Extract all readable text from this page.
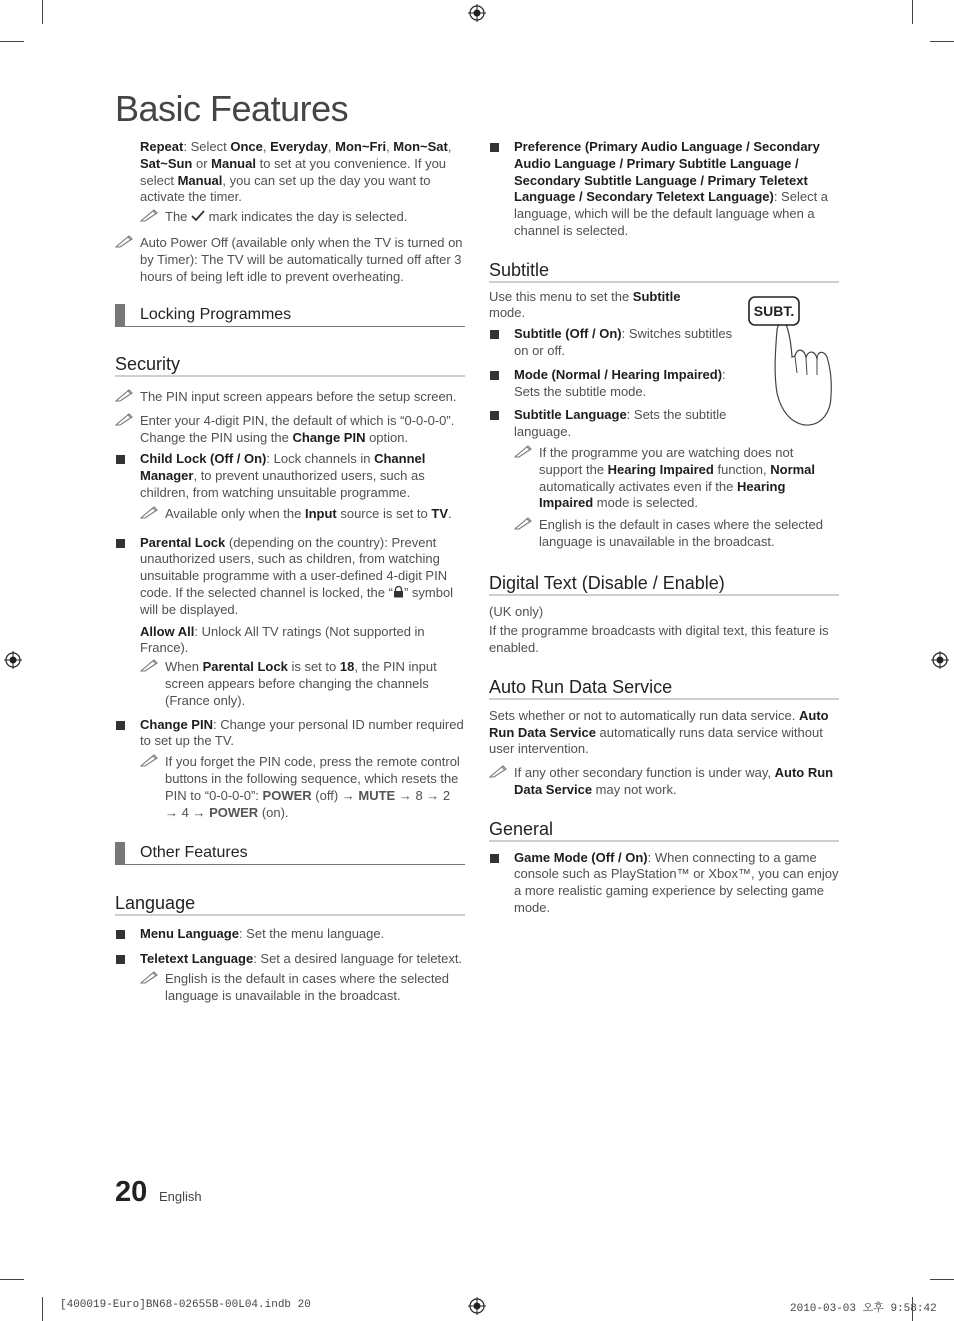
Basic Features
Repeat: Select Once, Everyday, Mon~Fri, Mon~Sat, Sat~Sun or Manual to set at you convenience. If you select Manual, you can set up the day you want to activate the timer.
The  mark indicates the day is selected.
Auto Power Off (available only when the TV is turned on by Timer): The TV will be automatically turned off after 3 hours of being left idle to prevent overheating.
Locking Programmes
Security
The PIN input screen appears before the setup screen.
Enter your 4-digit PIN, the default of which is “0-0-0-0”. Change the PIN using the Change PIN option.
Child Lock (Off / On): Lock channels in Channel Manager, to prevent unauthorized users, such as children, from watching unsuitable programme.
Available only when the Input source is set to TV.
Parental Lock (depending on the country): Prevent unauthorized users, such as children, from watching unsuitable programme with a user-defined 4-digit PIN code. If the selected channel is locked, the “ ” symbol will be displayed.
Allow All: Unlock All TV ratings (Not supported in France).
When Parental Lock is set to 18, the PIN input screen appears before changing the channels (France only).
Change PIN: Change your personal ID number required to set up the TV.
If you forget the PIN code, press the remote control buttons in the following sequence, which resets the PIN to “0-0-0-0”: POWER (off) → MUTE → 8 → 2 → 4 → POWER (on).
Other Features
Language
Menu Language: Set the menu language.
Teletext Language: Set a desired language for teletext.
English is the default in cases where the selected language is unavailable in the broadcast.
Preference (Primary Audio Language / Secondary Audio Language / Primary Subtitle Language / Secondary Subtitle Language / Primary Teletext Language / Secondary Teletext Language): Select a language, which will be the default language when a channel is selected.
Subtitle
SUBT.
Use this menu to set the Subtitle mode.
Subtitle (Off / On): Switches subtitles on or off.
Mode (Normal / Hearing Impaired): Sets the subtitle mode.
Subtitle Language: Sets the subtitle language.
If the programme you are watching does not support the Hearing Impaired function, Normal automatically activates even if the Hearing Impaired mode is selected.
English is the default in cases where the selected language is unavailable in the broadcast.
Digital Text (Disable / Enable)
(UK only)
If the programme broadcasts with digital text, this feature is enabled.
Auto Run Data Service
Sets whether or not to automatically run data service. Auto Run Data Service automatically runs data service without user intervention.
If any other secondary function is under way, Auto Run Data Service may not work.
General
Game Mode (Off / On): When connecting to a game console such as PlayStation™ or Xbox™, you can enjoy a more realistic gaming experience by selecting game mode.
20 English
[400019-Euro]BN68-02655B-00L04.indb 20	2010-03-03 오후 9:58:42
